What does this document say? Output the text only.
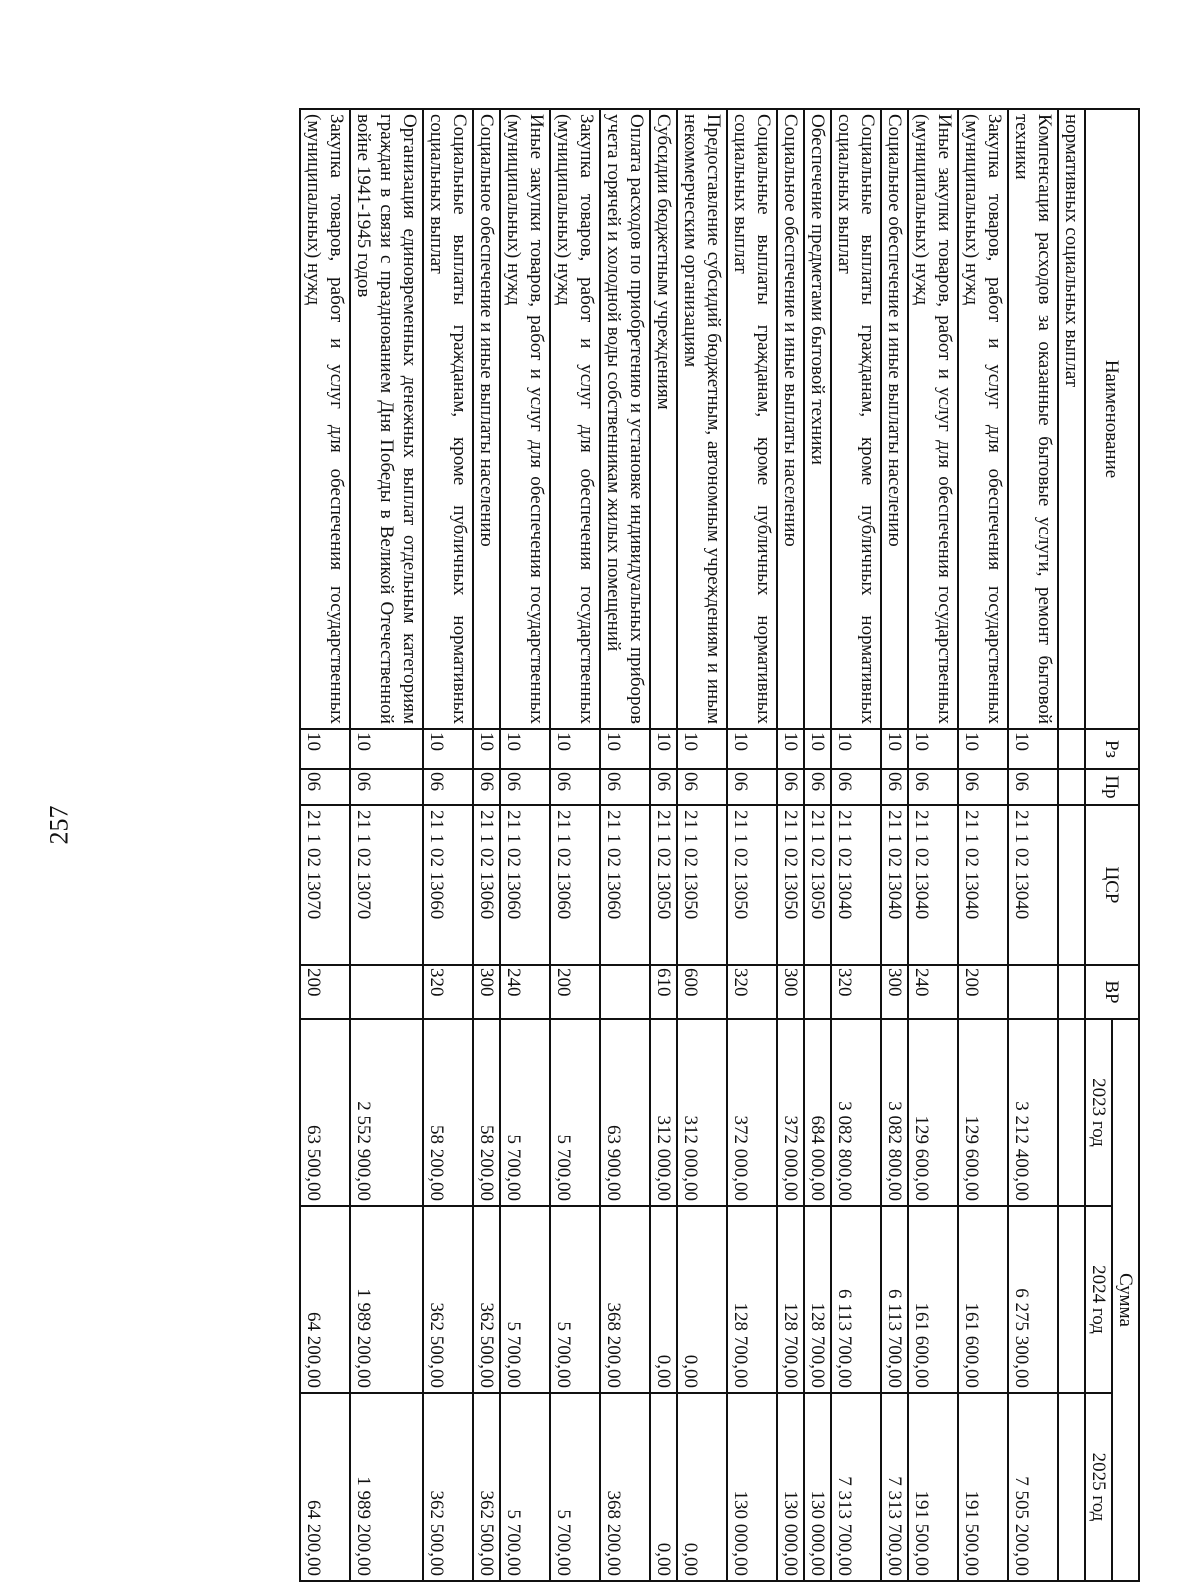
257
Наименование	Рз	Пр	ЦСР	ВР	Сумма		
					2023 год	2024 год	2025 год
нормативных социальных выплат							
Компенсация расходов за оказанные бытовые услуги, ремонт бытовой техники	10	06	21 1 02 13040		3 212 400,00	6 275 300,00	7 505 200,00
Закупка товаров, работ и услуг для обеспечения государственных (муниципальных) нужд	10	06	21 1 02 13040	200	129 600,00	161 600,00	191 500,00
Иные закупки товаров, работ и услуг для обеспечения государственных (муниципальных) нужд	10	06	21 1 02 13040	240	129 600,00	161 600,00	191 500,00
Социальное обеспечение и иные выплаты населению	10	06	21 1 02 13040	300	3 082 800,00	6 113 700,00	7 313 700,00
Социальные выплаты гражданам, кроме публичных нормативных социальных выплат	10	06	21 1 02 13040	320	3 082 800,00	6 113 700,00	7 313 700,00
Обеспечение предметами бытовой техники	10	06	21 1 02 13050		684 000,00	128 700,00	130 000,00
Социальное обеспечение и иные выплаты населению	10	06	21 1 02 13050	300	372 000,00	128 700,00	130 000,00
Социальные выплаты гражданам, кроме публичных нормативных социальных выплат	10	06	21 1 02 13050	320	372 000,00	128 700,00	130 000,00
Предоставление субсидий бюджетным, автономным учреждениям и иным некоммерческим организациям	10	06	21 1 02 13050	600	312 000,00	0,00	0,00
Субсидии бюджетным учреждениям	10	06	21 1 02 13050	610	312 000,00	0,00	0,00
Оплата расходов по приобретению и установке индивидуальных приборов учета горячей и холодной воды собственникам жилых помещений	10	06	21 1 02 13060		63 900,00	368 200,00	368 200,00
Закупка товаров, работ и услуг для обеспечения государственных (муниципальных) нужд	10	06	21 1 02 13060	200	5 700,00	5 700,00	5 700,00
Иные закупки товаров, работ и услуг для обеспечения государственных (муниципальных) нужд	10	06	21 1 02 13060	240	5 700,00	5 700,00	5 700,00
Социальное обеспечение и иные выплаты населению	10	06	21 1 02 13060	300	58 200,00	362 500,00	362 500,00
Социальные выплаты гражданам, кроме публичных нормативных социальных выплат	10	06	21 1 02 13060	320	58 200,00	362 500,00	362 500,00
Организация единовременных денежных выплат отдельным категориям граждан в связи с празднованием Дня Победы в Великой Отечественной войне 1941-1945 годов	10	06	21 1 02 13070		2 552 900,00	1 989 200,00	1 989 200,00
Закупка товаров, работ и услуг для обеспечения государственных (муниципальных) нужд	10	06	21 1 02 13070	200	63 500,00	64 200,00	64 200,00
